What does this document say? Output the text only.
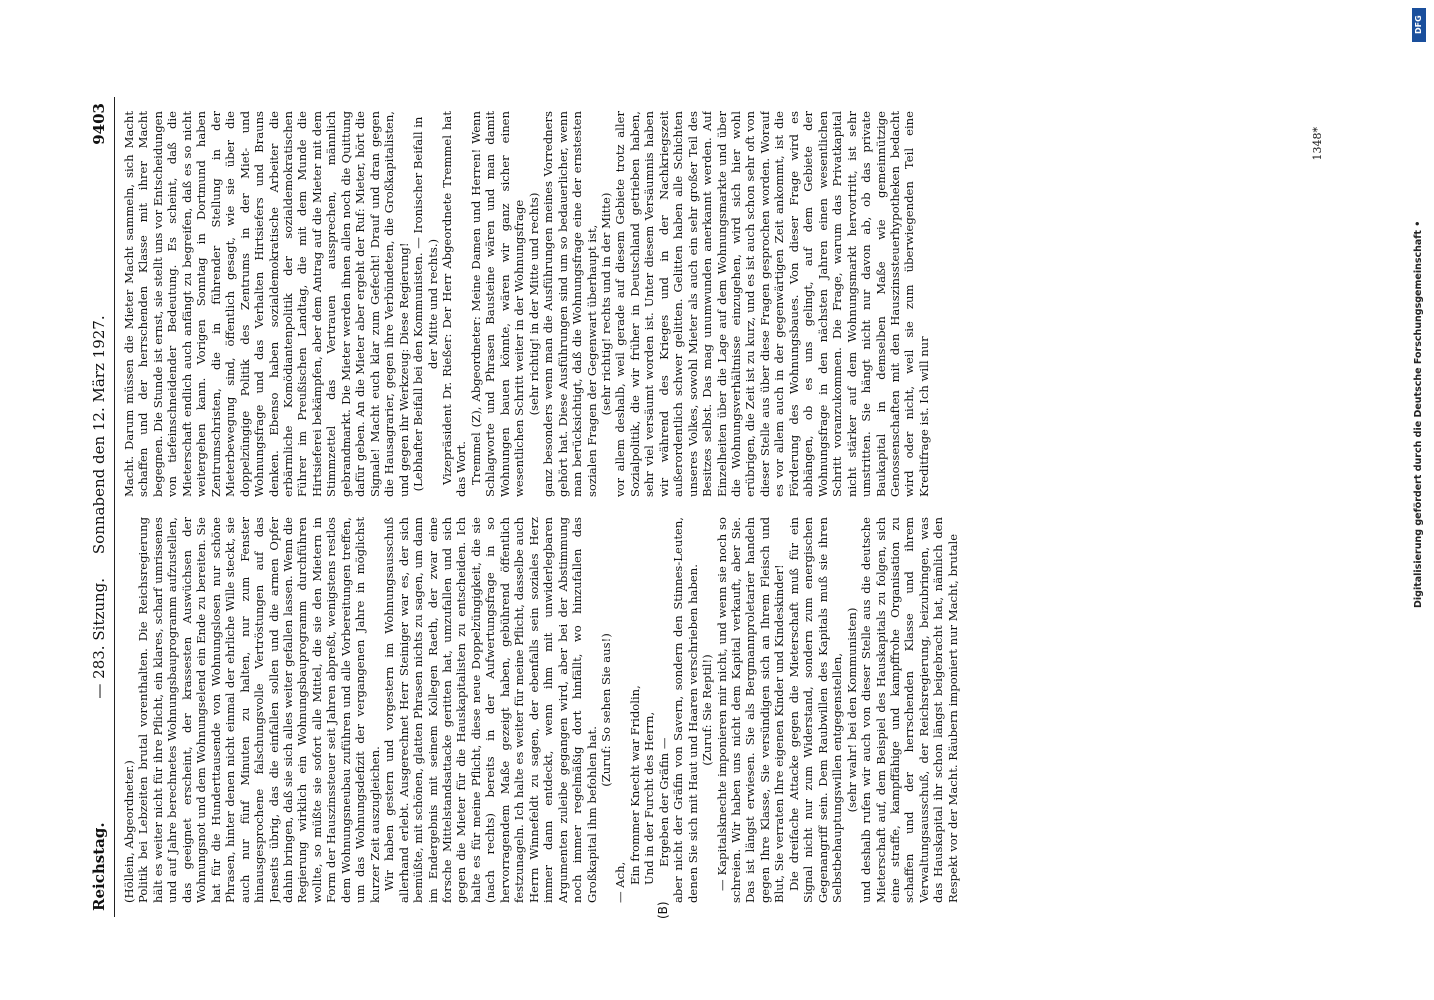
Reichstag.
— 283. Sitzung.     Sonnabend den 12. März 1927.
9403

(Höllein, Abgeordneter.) Politik bei Lebzeiten brutal vorenthalten. Die Reichsregierung hält es weiter nicht für ihre Pflicht, ein klares, scharf umrissenes und auf Jahre berechnetes Wohnungsbauprogramm aufzustellen, das geeignet erscheint, der krassesten Auswüchsen der Wohnungsnot und dem Wohnungselend ein Ende zu bereiten. Sie hat für die Hunderttausende von Wohnungslosen nur schöne Phrasen, hinter denen nicht einmal der ehrliche Wille steckt, sie auch nur fünf Minuten zu halten, nur zum Fenster hinausgesprochene falschungsvolle Vertröstungen auf das Jenseits übrig, das die einfallen sollen und die armen Opfer dahin bringen, daß sie sich alles weiter gefallen lassen. Wenn die Regierung wirklich ein Wohnungsbauprogramm durchführen wollte, so müßte sie sofort alle Mittel, die sie den Mietern in Form der Hauszinssteuer seit Jahren abpreßt, wenigstens restlos dem Wohnungsneubau zuführen und alle Vorbereitungen treffen, um das Wohnungsdefizit der vergangenen Jahre in möglichst kurzer Zeit auszugleichen. Wir haben gestern und vorgestern im Wohnungsausschuß allerhand erlebt. Ausgerechnet Herr Steiniger war es, der sich bemüßte, mit schönen, glatten Phrasen nichts zu sagen, um dann im Endergebnis mit seinem Kollegen Raeth, der zwar eine forsche Mittelstandsattacke geritten hat, umzufallen und sich gegen die Mieter für die Hauskapitalisten zu entscheiden. Ich halte es für meine Pflicht, diese neue Doppelzüngigkeit, die sie (nach rechts) bereits in der Aufwertungsfrage in so hervorragendem Maße gezeigt haben, gebührend öffentlich festzunageln. Ich halte es weiter für meine Pflicht, dasselbe auch Herrn Winnefeldt zu sagen, der ebenfalls sein soziales Herz immer dann entdeckt, wenn ihm mit unwiderlegbaren Argumenten zuleibe gegangen wird, aber bei der Abstimmung noch immer regelmäßig dort hinfällt, wo hinzufallen das Großkapital ihm befohlen hat.

(Zuruf: So sehen Sie aus!)

— Ach, Ein frommer Knecht war Fridolin, Und in der Furcht des Herrn, Ergeben der Gräfin — aber nicht der Gräfin von Savern, sondern den Stinnes-Leuten, denen Sie sich mit Haut und Haaren verschrieben haben. (Zuruf: Sie Reptil!) — Kapitalsknechte imponieren mir nicht, und wenn sie noch so schreien. Wir haben uns nicht dem Kapital verkauft, aber Sie. Das ist längst erwiesen. Sie als Bergmannproletarier handeln gegen Ihre Klasse, Sie versündigen sich an Ihrem Fleisch und Blut, Sie verraten Ihre eigenen Kinder und Kindeskinder! Die dreifache Attacke gegen die Mieterschaft muß für ein Signal nicht nur zum Widerstand, sondern zum energischen Gegenangriff sein. Dem Raubwillen des Kapitals muß sie ihren Selbstbehauptungswillen entgegenstellen, (sehr wahr! bei den Kommunisten) und deshalb rufen wir auch von dieser Stelle aus die deutsche Mieterschaft auf, dem Beispiel des Hauskapitals zu folgen, sich eine straffe, kampffähige und kampffrohe Organisation zu schaffen und der herrschenden Klasse und ihrem Verwaltungsausschuß, der Reichsregierung, beizubringen, was das Hauskapital ihr schon längst beigebracht hat, nämlich den Respekt vor der Macht. Räubern imponiert nur Macht, brutale

Macht. Darum müssen die Mieter Macht sammeln, sich Macht schaffen und der herrschenden Klasse mit ihrer Macht begegnen. Die Stunde ist ernst, sie stellt uns vor Entscheidungen von tiefeinschneidender Bedeutung. Es scheint, daß die Mieterschaft endlich auch anfängt zu begreifen, daß es so nicht weitergehen kann. Vorigen Sonntag in Dortmund haben Zentrumschristen, die in führender Stellung in der Mieterbewegung sind, öffentlich gesagt, wie sie über die doppelzüngige Politik des Zentrums in der Miet- und Wohnungsfrage und das Verhalten Hirtsiefers und Brauns denken. Ebenso haben sozialdemokratische Arbeiter die erbärmliche Komödiantenpolitik der sozialdemokratischen Führer im Preußischen Landtag, die mit dem Munde die Hirtsieferei bekämpfen, aber dem Antrag auf die Mieter mit dem Stimmzettel das Vertrauen aussprechen, männlich gebrandmarkt. Die Mieter werden ihnen allen noch die Quittung dafür geben. An die Mieter aber ergeht der Ruf: Mieter, hört die Signale! Macht euch klar zum Gefecht! Drauf und dran gegen die Hausagrarier, gegen ihre Verbündeten, die Großkapitalisten, und gegen ihr Werkzeug: Diese Regierung! (Lebhafter Beifall bei den Kommunisten. — Ironischer Beifall in der Mitte und rechts.) Vizepräsident Dr. Rießer: Der Herr Abgeordnete Tremmel hat das Wort. Tremmel (Z), Abgeordneter: Meine Damen und Herren! Wenn Schlagworte und Phrasen Bausteine wären und man damit Wohnungen bauen könnte, wären wir ganz sicher einen wesentlichen Schritt weiter in der Wohnungsfrage (sehr richtig! in der Mitte und rechts) ganz besonders wenn man die Ausführungen meines Vorredners gehört hat. Diese Ausführungen sind um so bedauerlicher, wenn man berücksichtigt, daß die Wohnungsfrage eine der ernstesten sozialen Fragen der Gegenwart überhaupt ist, (sehr richtig! rechts und in der Mitte) vor allem deshalb, weil gerade auf diesem Gebiete trotz aller Sozialpolitik, die wir früher in Deutschland getrieben haben, sehr viel versäumt worden ist. Unter diesem Versäumnis haben wir während des Krieges und in der Nachkriegszeit außerordentlich schwer gelitten. Gelitten haben alle Schichten unseres Volkes, sowohl Mieter als auch ein sehr großer Teil des Besitzes selbst. Das mag unumwunden anerkannt werden. Auf Einzelheiten über die Lage auf dem Wohnungsmarkte und über die Wohnungsverhältnisse einzugehen, wird sich hier wohl erübrigen, die Zeit ist zu kurz, und es ist auch schon sehr oft von dieser Stelle aus über diese Fragen gesprochen worden. Worauf es vor allem auch in der gegenwärtigen Zeit ankommt, ist die Förderung des Wohnungsbaues. Von dieser Frage wird es abhängen, ob es uns gelingt, auf dem Gebiete der Wohnungsfrage in den nächsten Jahren einen wesentlichen Schritt voranzukommen. Die Frage, warum das Privatkapital nicht stärker auf dem Wohnungsmarkt hervortritt, ist sehr umstritten. Sie hängt nicht nur davon ab, ob das private Baukapital in demselben Maße wie gemeinnützige Genossenschaften mit den Hauszinssteuerhypotheken bedacht wird oder nicht, weil sie zum überwiegenden Teil eine Kreditfrage ist. Ich will nur

(B)
1348*
DFG
Digitalisierung gefördert durch die Deutsche Forschungsgemeinschaft •
